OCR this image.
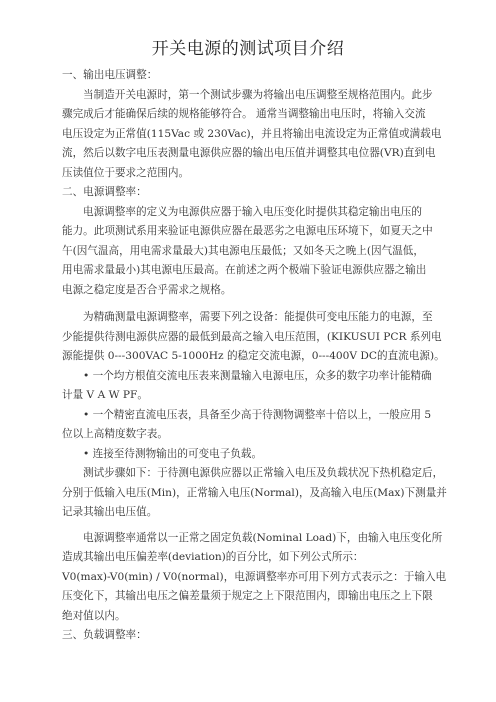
开关电源的测试项目介绍

一、输出电压调整：

当制造开关电源时，第一个测试步骤为将输出电压调整至规格范围内。此步
骤完成后才能确保后续的规格能够符合。 通常当调整输出电压时，将输入交流
电压设定为正常值(115Vac 或 230Vac)，并且将输出电流设定为正常值或满载电
流，然后以数字电压表测量电源供应器的输出电压值并调整其电位器(VR)直到电
压读值位于要求之范围内。

二、电源调整率：

电源调整率的定义为电源供应器于输入电压变化时提供其稳定输出电压的
能力。此项测试系用来验证电源供应器在最恶劣之电源电压环境下，如夏天之中
午(因气温高，用电需求量最大)其电源电压最低；又如冬天之晚上(因气温低，
用电需求量最小)其电源电压最高。在前述之两个极端下验证电源供应器之输出
电源之稳定度是否合乎需求之规格。

为精确测量电源调整率，需要下列之设备：能提供可变电压能力的电源，至
少能提供待测电源供应器的最低到最高之输入电压范围，(KIKUSUI PCR 系列电
源能提供 0---300VAC 5-1000Hz 的稳定交流电源，0---400V DC的直流电源)。

• 一个均方根值交流电压表来测量输入电源电压，众多的数字功率计能精确
计量 V A W PF。

• 一个精密直流电压表，具备至少高于待测物调整率十倍以上，一般应用 5
位以上高精度数字表。

• 连接至待测物输出的可变电子负载。

测试步骤如下：于待测电源供应器以正常输入电压及负载状况下热机稳定后，
分别于低输入电压(Min)，正常输入电压(Normal)，及高输入电压(Max)下测量并
记录其输出电压值。

电源调整率通常以一正常之固定负载(Nominal Load)下，由输入电压变化所
造成其输出电压偏差率(deviation)的百分比，如下列公式所示：

V0(max)-V0(min) / V0(normal)，电源调整率亦可用下列方式表示之：于输入电
压变化下，其输出电压之偏差量须于规定之上下限范围内，即输出电压之上下限
绝对值以内。

三、负载调整率：
